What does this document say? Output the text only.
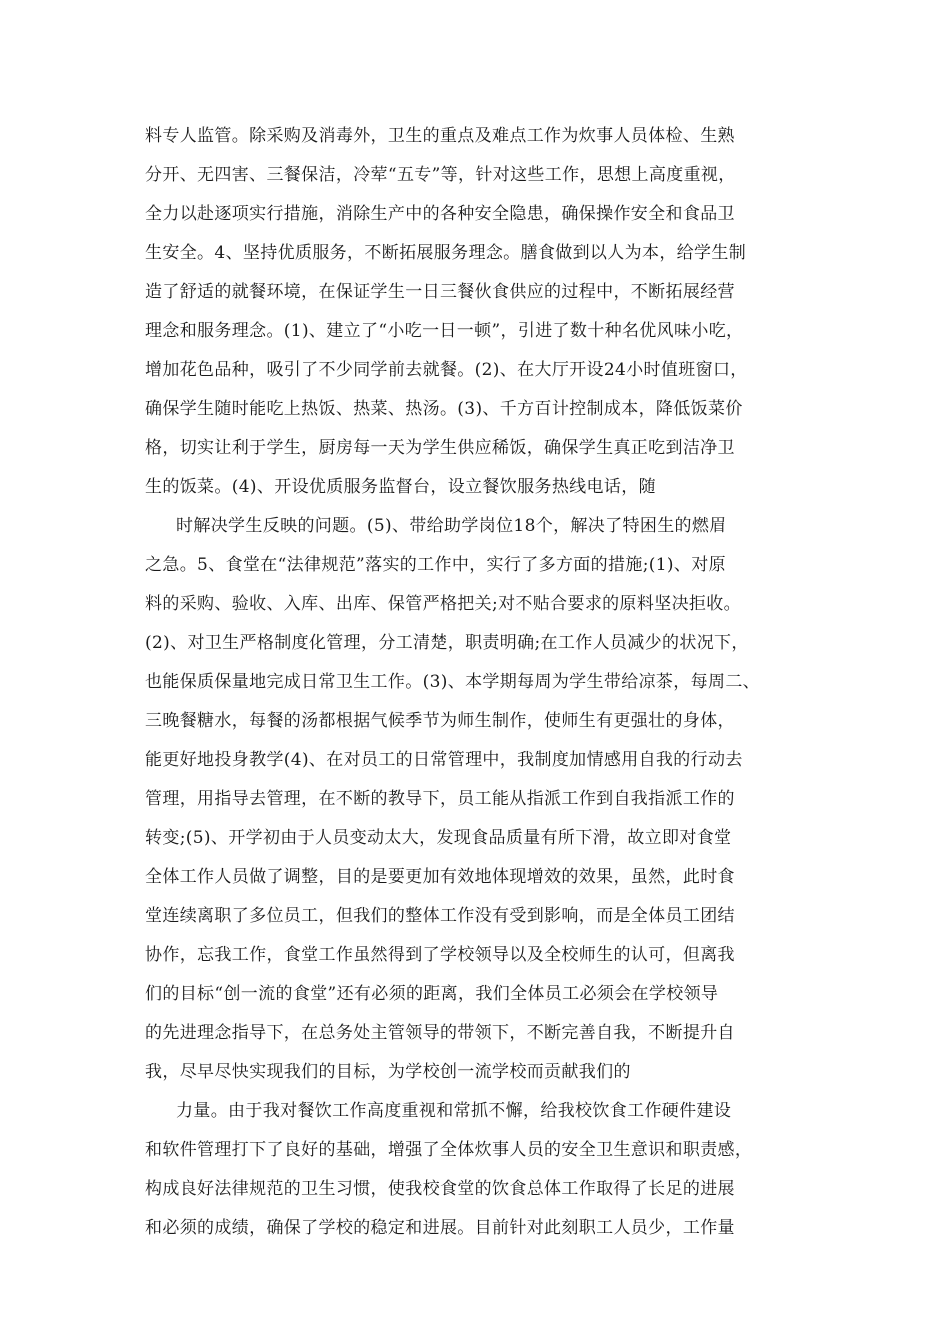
料专人监管。除采购及消毒外，卫生的重点及难点工作为炊事人员体检、生熟
分开、无四害、三餐保洁，冷荤“五专”等，针对这些工作，思想上高度重视，
全力以赴逐项实行措施，消除生产中的各种安全隐患，确保操作安全和食品卫
生安全。4、坚持优质服务，不断拓展服务理念。膳食做到以人为本，给学生制
造了舒适的就餐环境，在保证学生一日三餐伙食供应的过程中，不断拓展经营
理念和服务理念。(1)、建立了“小吃一日一顿”，引进了数十种名优风味小吃，
增加花色品种，吸引了不少同学前去就餐。(2)、在大厅开设24小时值班窗口，
确保学生随时能吃上热饭、热菜、热汤。(3)、千方百计控制成本，降低饭菜价
格，切实让利于学生，厨房每一天为学生供应稀饭，确保学生真正吃到洁净卫
生的饭菜。(4)、开设优质服务监督台，设立餐饮服务热线电话，随
时解决学生反映的问题。(5)、带给助学岗位18个，解决了特困生的燃眉
之急。5、食堂在“法律规范”落实的工作中，实行了多方面的措施;(1)、对原
料的采购、验收、入库、出库、保管严格把关;对不贴合要求的原料坚决拒收。
(2)、对卫生严格制度化管理，分工清楚，职责明确;在工作人员减少的状况下，
也能保质保量地完成日常卫生工作。(3)、本学期每周为学生带给凉茶，每周二、
三晚餐糖水，每餐的汤都根据气候季节为师生制作，使师生有更强壮的身体，
能更好地投身教学(4)、在对员工的日常管理中，我制度加情感用自我的行动去
管理，用指导去管理，在不断的教导下，员工能从指派工作到自我指派工作的
转变;(5)、开学初由于人员变动太大，发现食品质量有所下滑，故立即对食堂
全体工作人员做了调整，目的是要更加有效地体现增效的效果，虽然，此时食
堂连续离职了多位员工，但我们的整体工作没有受到影响，而是全体员工团结
协作，忘我工作，食堂工作虽然得到了学校领导以及全校师生的认可，但离我
们的目标“创一流的食堂”还有必须的距离，我们全体员工必须会在学校领导
的先进理念指导下，在总务处主管领导的带领下，不断完善自我，不断提升自
我，尽早尽快实现我们的目标，为学校创一流学校而贡献我们的
力量。由于我对餐饮工作高度重视和常抓不懈，给我校饮食工作硬件建设
和软件管理打下了良好的基础，增强了全体炊事人员的安全卫生意识和职责感，
构成良好法律规范的卫生习惯，使我校食堂的饮食总体工作取得了长足的进展
和必须的成绩，确保了学校的稳定和进展。目前针对此刻职工人员少，工作量
